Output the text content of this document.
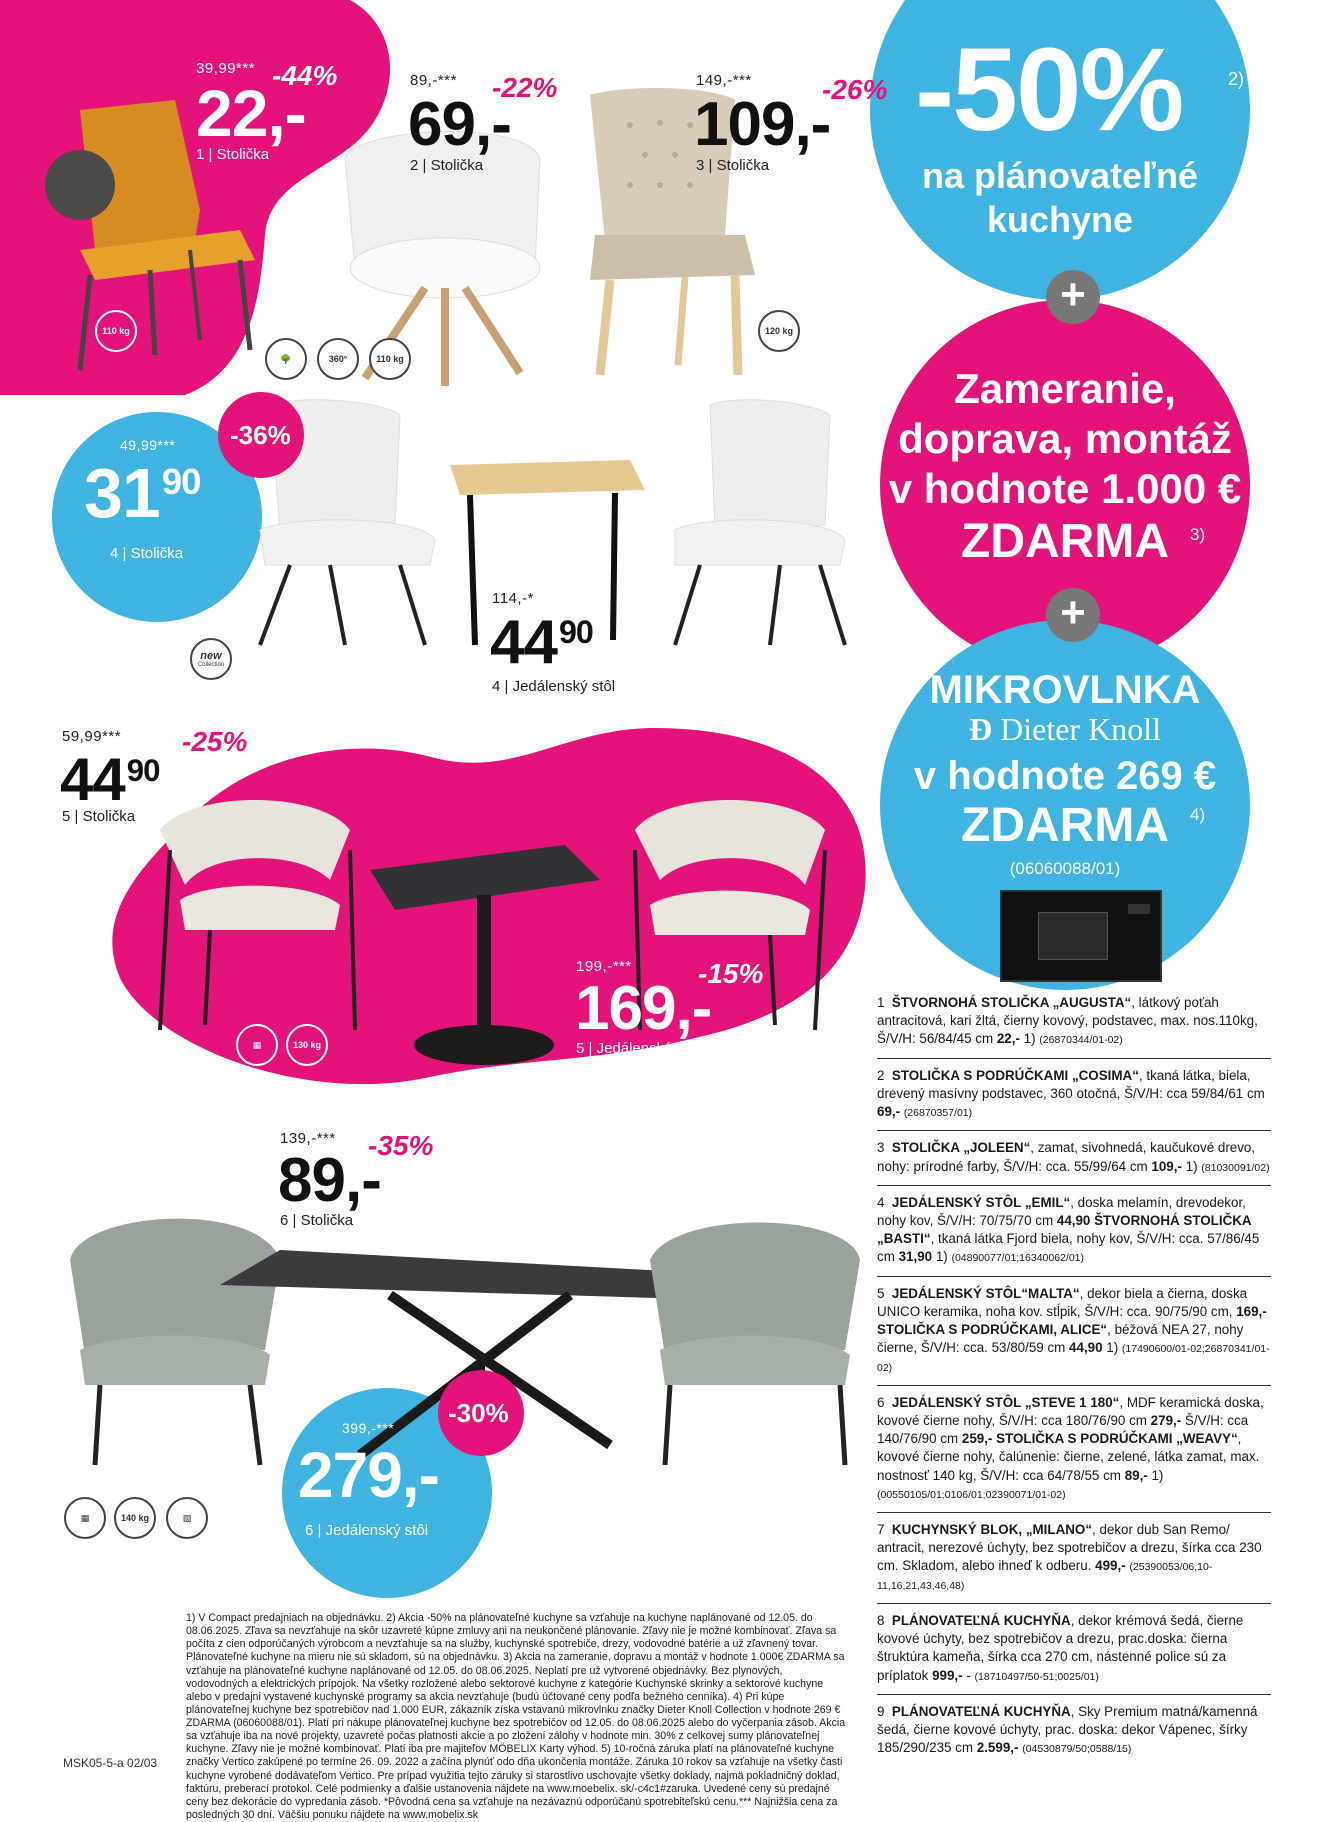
39,99***
22,-
-44%
1 | Stolička
89,-***
69,-
-22%
2 | Stolička
149,-***
109,-
-26%
3 | Stolička
-36%
49,99***
$31^{90}$
4 | Stolička
114,-*
$44^{90}$
4 | Jedálenský stôl
59,99***
$44^{90}$
-25%
5 | Stolička
199,-***
169,-
-15%
5 | Jedálenský stôl
139,-***
89,-
-35%
6 | Stolička
-30%
399,-***
279,-
6 | Jedálenský stôl
110 kg
🌳	360°	110 kg
120 kg
new
Collection
▦	130 kg
▦	140 kg	▧
-50%	2)
na plánovateľné
kuchyne
+
Zameranie,
doprava, montáž
v hodnote 1.000 €
ZDARMA	3)
+
MIKROVLNKA
Ð Dieter Knoll
v hodnote 269 €
ZDARMA	4)
(06060088/01)
1 ŠTVORNOHÁ STOLIČKA „AUGUSTA“, látkový poťah antracitová, kari žltá, čierny kovový, podstavec, max. nos.110kg, Š/V/H: 56/84/45 cm 22,- 1) (26870344/01-02)
2 STOLIČKA S PODRÚČKAMI „COSIMA“, tkaná látka, biela, drevený masívny podstavec, 360 otočná, Š/V/H: cca 59/84/61 cm 69,- (26870357/01)
3 STOLIČKA „JOLEEN“, zamat, sivohnedá, kaučukové drevo, nohy: prírodné farby, Š/V/H: cca. 55/99/64 cm 109,- 1) (81030091/02)
4 JEDÁLENSKÝ STÔL „EMIL“, doska melamín, drevodekor, nohy kov, Š/V/H: 70/75/70 cm 44,90 ŠTVORNOHÁ STOLIČKA „BASTI“, tkaná látka Fjord biela, nohy kov, Š/V/H: cca. 57/86/45 cm 31,90 1) (04890077/01;16340062/01)
5 JEDÁLENSKÝ STÔL“MALTA“, dekor biela a čierna, doska UNICO keramika, noha kov. stĺpik, Š/V/H: cca. 90/75/90 cm, 169,- STOLIČKA S PODRÚČKAMI, ALICE“, béžová NEA 27, nohy čierne, Š/V/H: cca. 53/80/59 cm 44,90 1) (17490600/01-02;26870341/01-02)
6 JEDÁLENSKÝ STÔL „STEVE 1 180“, MDF keramická doska, kovové čierne nohy, Š/V/H: cca 180/76/90 cm 279,- Š/V/H: cca 140/76/90 cm 259,- STOLIČKA S PODRÚČKAMI „WEAVY“, kovové čierne nohy, čalúnenie: čierne, zelené, látka zamat, max. nostnosť 140 kg, Š/V/H: cca 64/78/55 cm 89,- 1) (00550105/01;0106/01;02390071/01-02)
7 KUCHYNSKÝ BLOK, „MILANO“, dekor dub San Remo/ antracit, nerezové úchyty, bez spotrebičov a drezu, šírka cca 230 cm. Skladom, alebo ihneď k odberu. 499,- (25390053/06,10-11,16,21,43,46,48)
8 PLÁNOVATEĽNÁ KUCHYŇA, dekor krémová šedá, čierne kovové úchyty, bez spotrebičov a drezu, prac.doska: čierna štruktúra kameňa, šírka cca 270 cm, nástenné police sú za príplatok 999,- - (18710497/50-51;0025/01)
9 PLÁNOVATEĽNÁ KUCHYŇA, Sky Premium matná/kamenná šedá, čierne kovové úchyty, prac. doska: dekor Vápenec, šírky 185/290/235 cm 2.599,- (04530879/50;0588/15)
1) V Compact predajniach na objednávku. 2) Akcia -50% na plánovateľné kuchyne sa vzťahuje na kuchyne naplánované od 12.05. do 08.06.2025. Zľava sa nevzťahuje na skôr uzavreté kúpne zmluvy ani na neukončené plánovanie. Zľavy nie je možné kombinovať. Zľava sa počíta z cien odporúčaných výrobcom a nevzťahuje sa na služby, kuchynské spotrebiče, drezy, vodovodné batérie a už zľavnený tovar. Plánovateľné kuchyne na mieru nie sú skladom, sú na objednávku. 3) Akcia na zameranie, dopravu a montáž v hodnote 1.000€ ZDARMA sa vzťahuje na plánovateľné kuchyne naplánované od 12.05. do 08.06.2025. Neplatí pre už vytvorené objednávky. Bez plynových, vodovodných a elektrických prípojok. Na všetky rozložené alebo sektorové kuchyne z kategórie Kuchynské skrinky a sektorové kuchyne alebo v predajni vystavené kuchynské programy sa akcia nevzťahuje (budú účtované ceny podľa bežného cenníka). 4) Pri kúpe plánovateľnej kuchyne bez spotrebičov nad 1.000 EUR, zákazník získa vstavanú mikrovlnku značky Dieter Knoll Collection v hodnote 269 € ZDARMA (06060088/01). Platí pri nákupe plánovateľnej kuchyne bez spotrebičov od 12.05. do 08.06.2025 alebo do vyčerpania zásob. Akcia sa vzťahuje iba na nové projekty, uzavreté počas platnosti akcie a po zložení zálohy v hodnote min. 30% z celkovej sumy plánovateľnej kuchyne. Zľavy nie je možné kombinovať. Platí iba pre majiteľov MÖBELIX Karty výhod. 5) 10-ročná záruka platí na plánovateľné kuchyne značky Vertico zakúpené po termíne 26. 09. 2022 a začína plynúť odo dňa ukončenia montáže. Záruka 10 rokov sa vzťahuje na všetky časti kuchyne vyrobené dodávateľom Vertico. Pre prípad využitia tejto záruky si starostlivo uschovajte všetky doklady, najmä pokladničný doklad, faktúru, preberací protokol. Celé podmienky a ďalšie ustanovenia nájdete na www.moebelix. sk/-c4c1#zaruka. Uvedené ceny sú predajné ceny bez dekorácie do vypredania zásob. *Pôvodná cena sa vzťahuje na nezávaznú odporúčanú spotrebiteľskú cenu.*** Najnižšia cena za posledných 30 dní. Väčšiu ponuku nájdete na www.mobelix.sk
MSK05-5-a 02/03
